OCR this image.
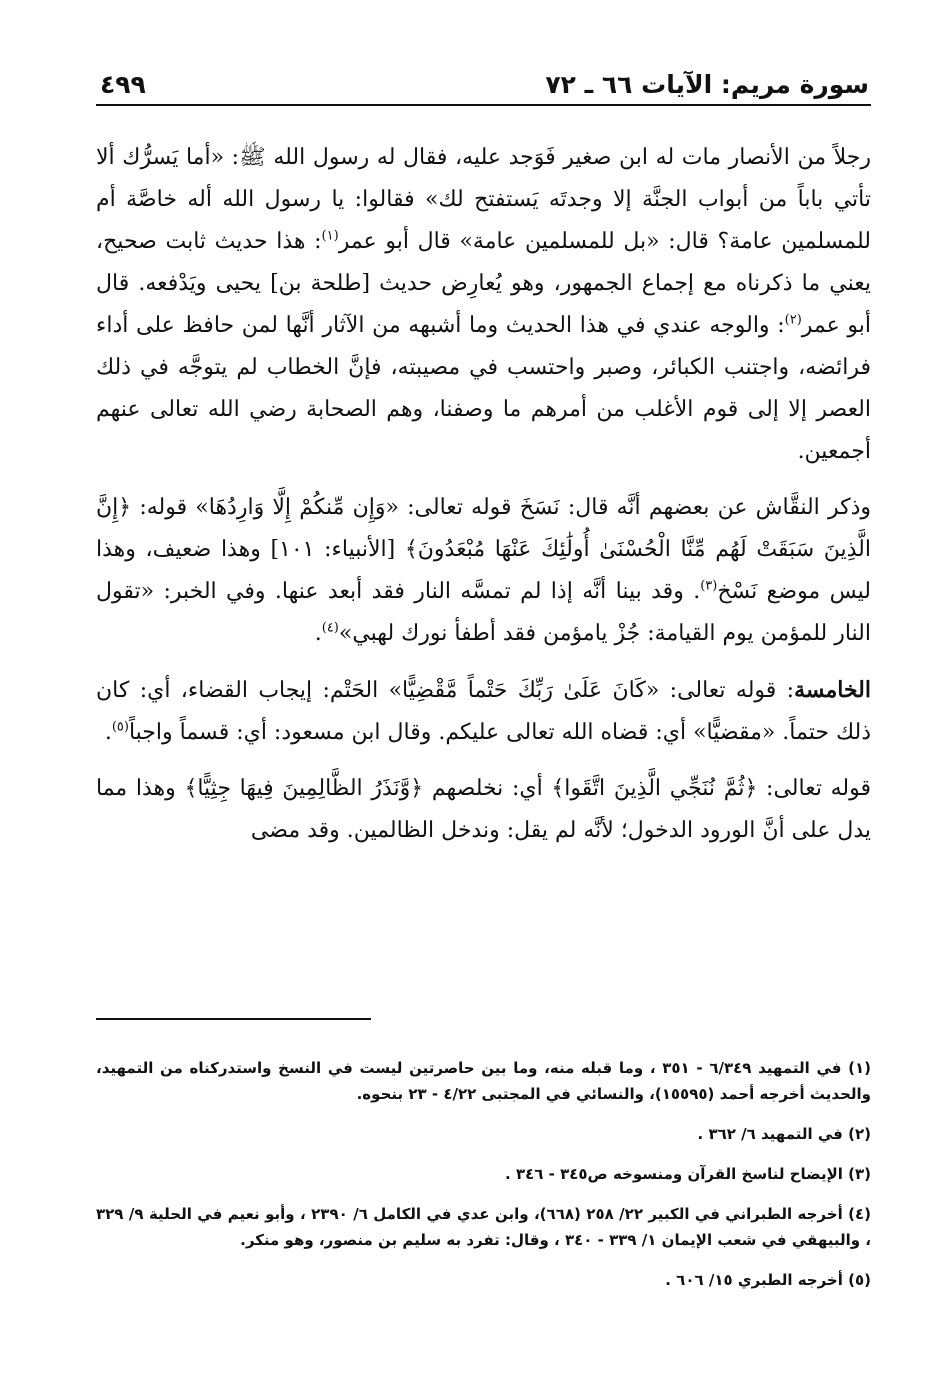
سورة مريم: الآيات ٦٦ ـ ٧٢
٤٩٩

رجلاً من الأنصار مات له ابن صغير فَوَجد عليه، فقال له رسول الله ﷺ: «أما يَسرُّك ألا تأتي باباً من أبواب الجنَّة إلا وجدتَه يَستفتح لك» فقالوا: يا رسول الله أله خاصَّة أم للمسلمين عامة؟ قال: «بل للمسلمين عامة» قال أبو عمر$^{(١)}$: هذا حديث ثابت صحيح، يعني ما ذكرناه مع إجماع الجمهور، وهو يُعارِض حديث [طلحة بن] يحيى ويَدْفعه. قال أبو عمر$^{(٢)}$: والوجه عندي في هذا الحديث وما أشبهه من الآثار أنَّها لمن حافظ على أداء فرائضه، واجتنب الكبائر، وصبر واحتسب في مصيبته، فإنَّ الخطاب لم يتوجَّه في ذلك العصر إلا إلى قوم الأغلب من أمرهم ما وصفنا، وهم الصحابة رضي الله تعالى عنهم أجمعين.

وذكر النقَّاش عن بعضهم أنَّه قال: نَسَخَ قوله تعالى: «وَإِن مِّنكُمْ إِلَّا وَارِدُهَا» قوله: ﴿إِنَّ الَّذِينَ سَبَقَتْ لَهُم مِّنَّا الْحُسْنَىٰ أُولَٰئِكَ عَنْهَا مُبْعَدُونَ﴾ [الأنبياء: ١٠١] وهذا ضعيف، وهذا ليس موضع نَسْخ$^{(٣)}$. وقد بينا أنَّه إذا لم تمسَّه النار فقد أبعد عنها. وفي الخبر: «تقول النار للمؤمن يوم القيامة: جُزْ يامؤمن فقد أطفأ نورك لهبي»$^{(٤)}$.

الخامسة: قوله تعالى: «كَانَ عَلَىٰ رَبِّكَ حَتْماً مَّقْضِيًّا» الحَتْم: إيجاب القضاء، أي: كان ذلك حتماً. «مقضيًّا» أي: قضاه الله تعالى عليكم. وقال ابن مسعود: أي: قسماً واجباً$^{(٥)}$.

قوله تعالى: ﴿ثُمَّ نُنَجِّي الَّذِينَ اتَّقَوا﴾ أي: نخلصهم ﴿وَّنَذَرُ الظَّالِمِينَ فِيهَا جِثِيًّا﴾ وهذا مما يدل على أنَّ الورود الدخول؛ لأنَّه لم يقل: وندخل الظالمين. وقد مضى

(١) في التمهيد ٦/٣٤٩ - ٣٥١ ، وما قبله منه، وما بين حاصرتين ليست في النسخ واستدركناه من التمهيد، والحديث أخرجه أحمد (١٥٥٩٥)، والنسائي في المجتبى ٤/٢٢ - ٢٣ بنحوه.
(٢) في التمهيد ٦/ ٣٦٢ .
(٣) الإيضاح لناسخ القرآن ومنسوخه ص٣٤٥ - ٣٤٦ .
(٤) أخرجه الطبراني في الكبير ٢٢/ ٢٥٨ (٦٦٨)، وابن عدي في الكامل ٦/ ٢٣٩٠ ، وأبو نعيم في الحلية ٩/ ٣٢٩ ، والبيهقي في شعب الإيمان ١/ ٣٣٩ - ٣٤٠ ، وقال: تفرد به سليم بن منصور، وهو منكر.
(٥) أخرجه الطبري ١٥/ ٦٠٦ .
